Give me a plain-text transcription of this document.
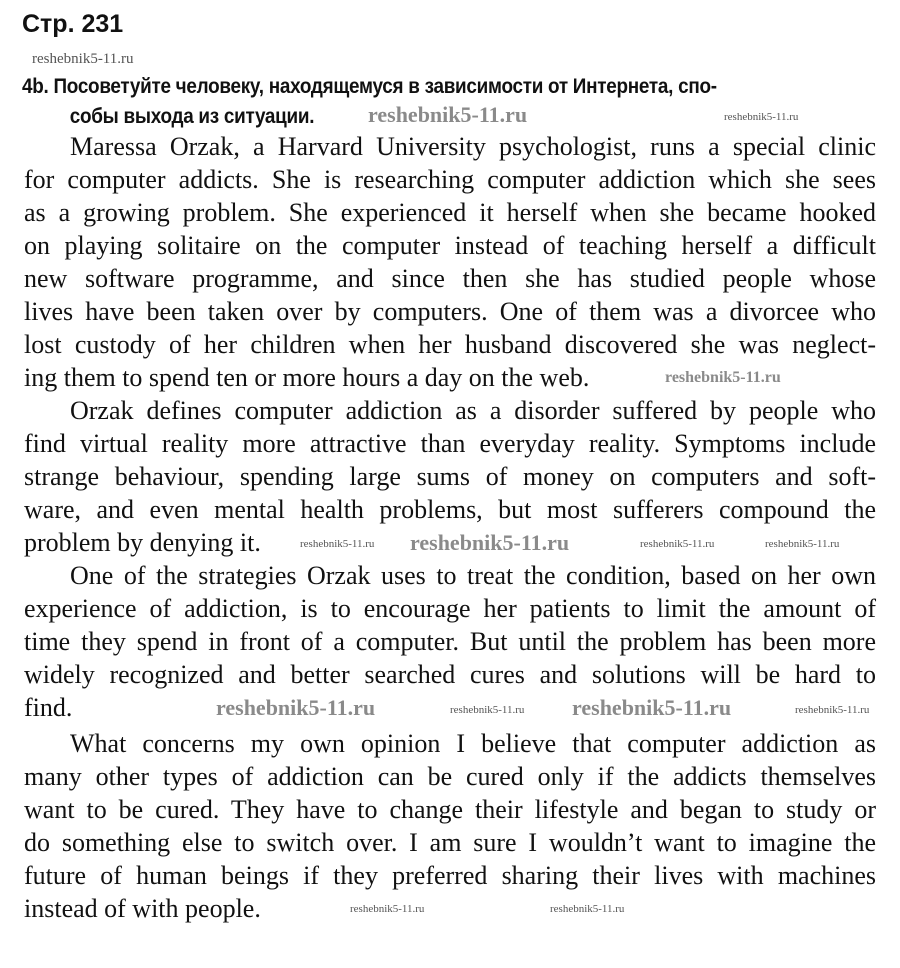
Стр. 231
4b. Посоветуйте человеку, находящемуся в зависимости от Интернета, спо-
собы выхода из ситуации.
Maressa Orzak, a Harvard University psychologist, runs a special clinic
for computer addicts. She is researching computer addiction which she sees
as a growing problem. She experienced it herself when she became hooked
on playing solitaire on the computer instead of teaching herself a difficult
new software programme, and since then she has studied people whose
lives have been taken over by computers. One of them was a divorcee who
lost custody of her children when her husband discovered she was neglect-
ing them to spend ten or more hours a day on the web.
Orzak defines computer addiction as a disorder suffered by people who
find virtual reality more attractive than everyday reality. Symptoms include
strange behaviour, spending large sums of money on computers and soft-
ware, and even mental health problems, but most sufferers compound the
problem by denying it.
One of the strategies Orzak uses to treat the condition, based on her own
experience of addiction, is to encourage her patients to limit the amount of
time they spend in front of a computer. But until the problem has been more
widely recognized and better searched cures and solutions will be hard to
find.
What concerns my own opinion I believe that computer addiction as
many other types of addiction can be cured only if the addicts themselves
want to be cured. They have to change their lifestyle and began to study or
do something else to switch over. I am sure I wouldn’t want to imagine the
future of human beings if they preferred sharing their lives with machines
instead of with people.
reshebnik5-11.ru
reshebnik5-11.ru	reshebnik5-11.ru
reshebnik5-11.ru
reshebnik5-11.ru
reshebnik5-11.ru	reshebnik5-11.ru
reshebnik5-11.ru
reshebnik5-11.ru
reshebnik5-11.ru reshebnik5-11.ru	reshebnik5-11.ru
reshebnik5-11.ru	reshebnik5-11.ru
